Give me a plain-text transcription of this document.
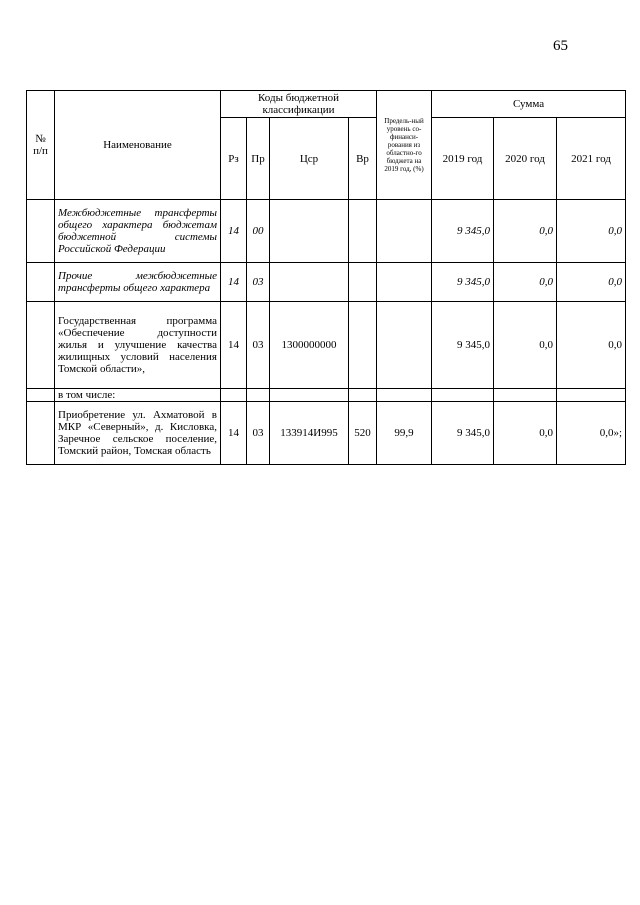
65
№ п/п	Наименование	Коды бюджетной классификации				Предель-ный уровень со-финанси-рования из областно-го бюджета на 2019 год, (%)	Сумма		
		Рз	Пр	Цср	Вр		2019 год	2020 год	2021 год
	Межбюджетные трансферты общего характера бюджетам бюджетной системы Российской Федерации	14	00				9 345,0	0,0	0,0
	Прочие межбюджетные трансферты общего характера	14	03				9 345,0	0,0	0,0
	Государственная программа «Обеспечение доступности жилья и улучшение качества жилищных условий населения Томской области»,	14	03	1300000000			9 345,0	0,0	0,0
	в том числе:								
	Приобретение ул. Ахматовой в МКР «Северный», д. Кисловка, Заречное сельское поселение, Томский район, Томская область	14	03	133914И995	520	99,9	9 345,0	0,0	0,0»;
